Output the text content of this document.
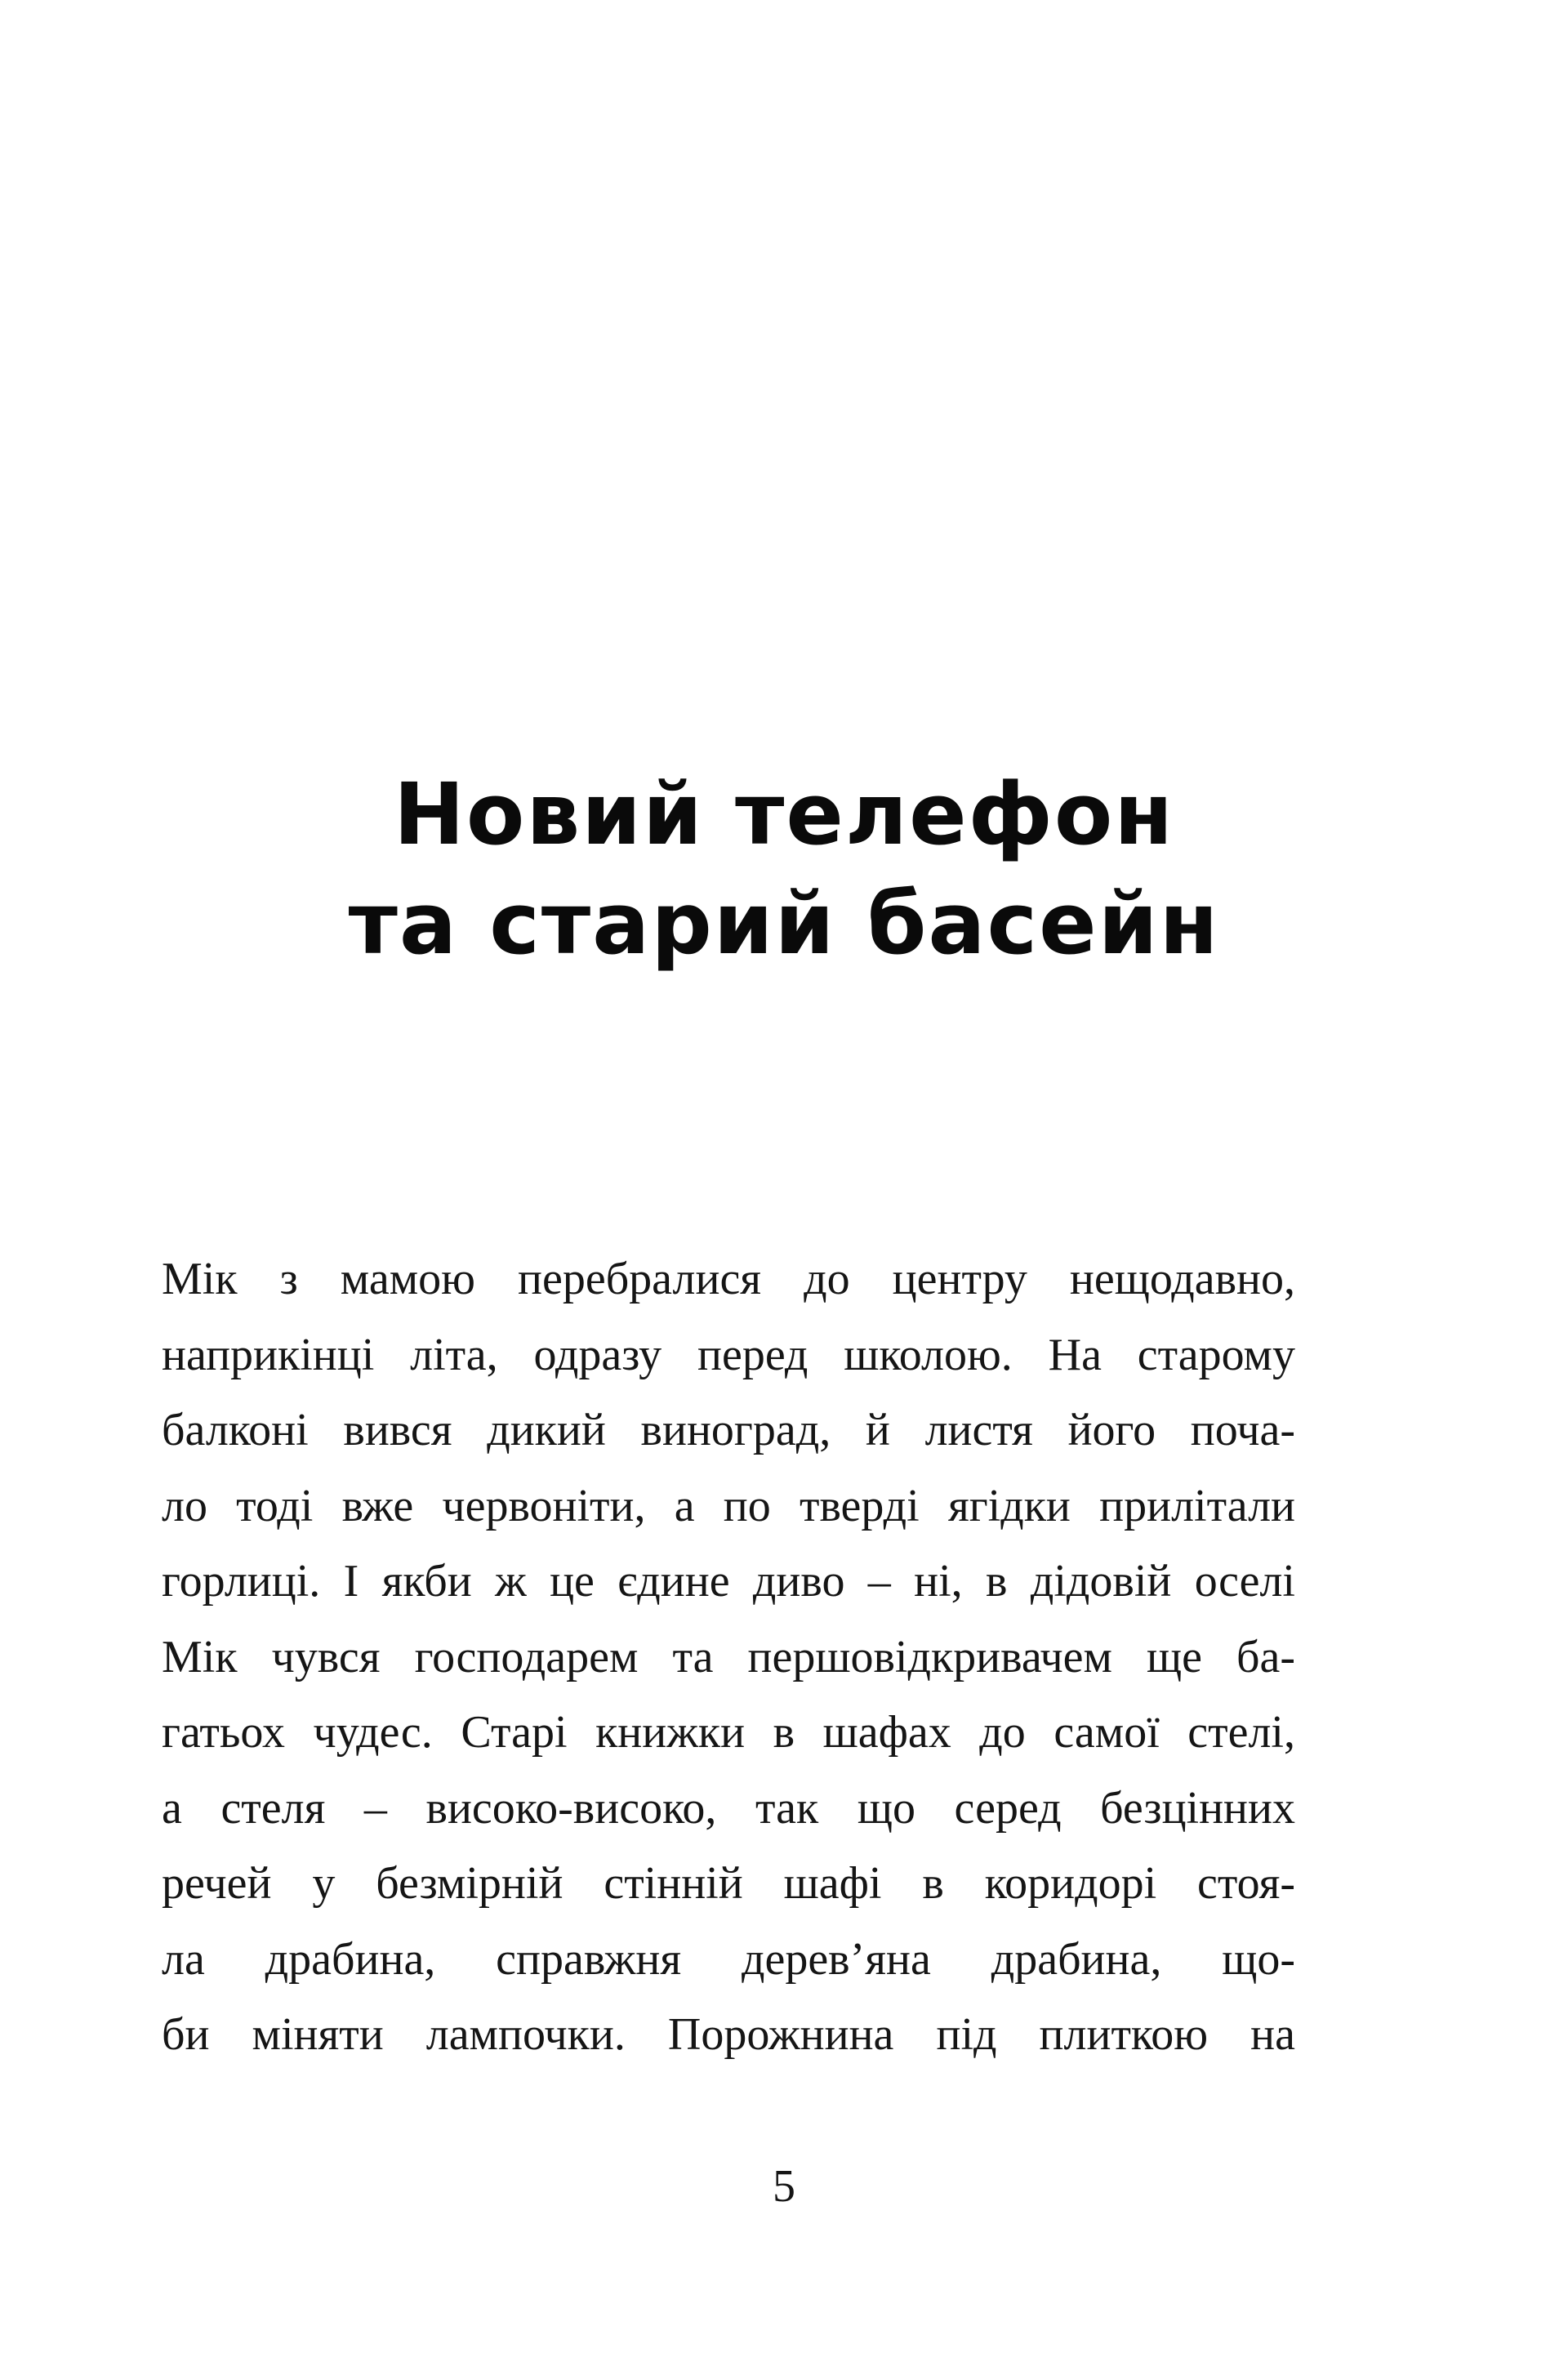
Новий телефон
та старий басейн
Мік з мамою перебралися до центру нещодавно,
наприкінці літа, одразу перед школою. На старому
балконі вився дикий виноград, й листя його поча-
ло тоді вже червоніти, а по тверді ягідки прилітали
горлиці. І якби ж це єдине диво – ні, в дідовій оселі
Мік чувся господарем та першовідкривачем ще ба-
гатьох чудес. Старі книжки в шафах до самої стелі,
а стеля – високо-високо, так що серед безцінних
речей у безмірній стінній шафі в коридорі стоя-
ла драбина, справжня дерев’яна драбина, що-
би міняти лампочки. Порожнина під плиткою на
5
